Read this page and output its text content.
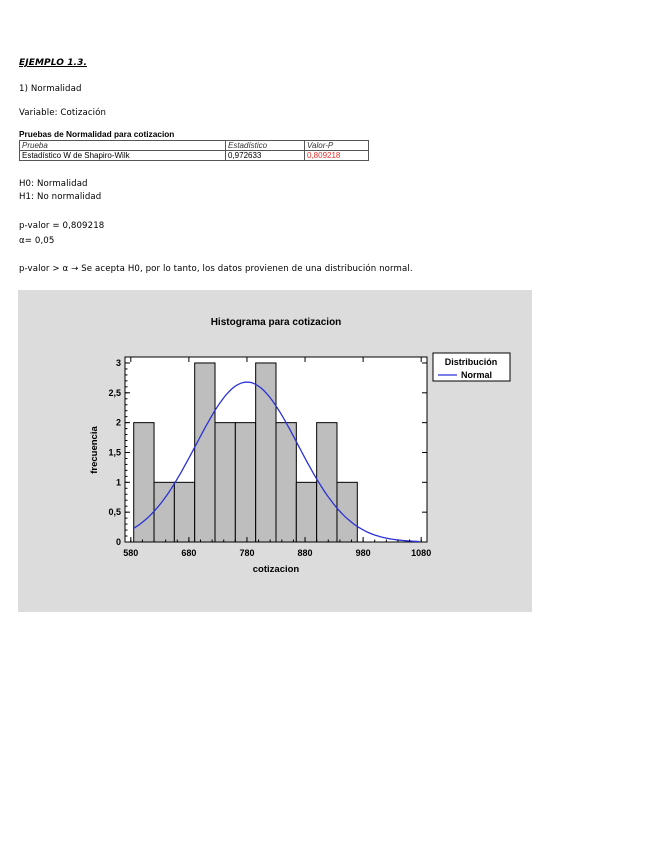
EJEMPLO 1.3.
1) Normalidad
Variable: Cotización
Pruebas de Normalidad para cotizacion
Prueba	Estadístico	Valor-P
Estadístico W de Shapiro-Wilk	0,972633	0,809218
H0: Normalidad
H1: No normalidad
p-valor = 0,809218
α= 0,05
p-valor > α → Se acepta H0, por lo tanto, los datos provienen de una distribución normal.
580	680	780	880	980	1080
0
0,5
1
1,5
2
2,5
3
Histograma para cotizacion
cotizacion
frecuencia
Distribución
Normal
